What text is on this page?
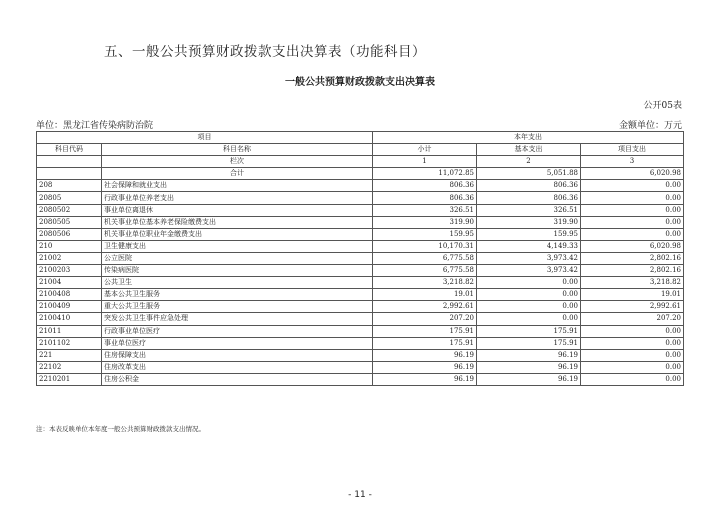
五、一般公共预算财政拨款支出决算表（功能科目）
一般公共预算财政拨款支出决算表
公开05表
单位：黑龙江省传染病防治院	金额单位：万元
项目		本年支出		
科目代码	科目名称	小计	基本支出	项目支出
	栏次	1	2	3
	合计	11,072.85	5,051.88	6,020.98
208	社会保障和就业支出	806.36	806.36	0.00
20805	行政事业单位养老支出	806.36	806.36	0.00
2080502	事业单位离退休	326.51	326.51	0.00
2080505	机关事业单位基本养老保险缴费支出	319.90	319.90	0.00
2080506	机关事业单位职业年金缴费支出	159.95	159.95	0.00
210	卫生健康支出	10,170.31	4,149.33	6,020.98
21002	公立医院	6,775.58	3,973.42	2,802.16
2100203	传染病医院	6,775.58	3,973.42	2,802.16
21004	公共卫生	3,218.82	0.00	3,218.82
2100408	基本公共卫生服务	19.01	0.00	19.01
2100409	重大公共卫生服务	2,992.61	0.00	2,992.61
2100410	突发公共卫生事件应急处理	207.20	0.00	207.20
21011	行政事业单位医疗	175.91	175.91	0.00
2101102	事业单位医疗	175.91	175.91	0.00
221	住房保障支出	96.19	96.19	0.00
22102	住房改革支出	96.19	96.19	0.00
2210201	住房公积金	96.19	96.19	0.00
注：本表反映单位本年度一般公共预算财政拨款支出情况。
- 11 -
